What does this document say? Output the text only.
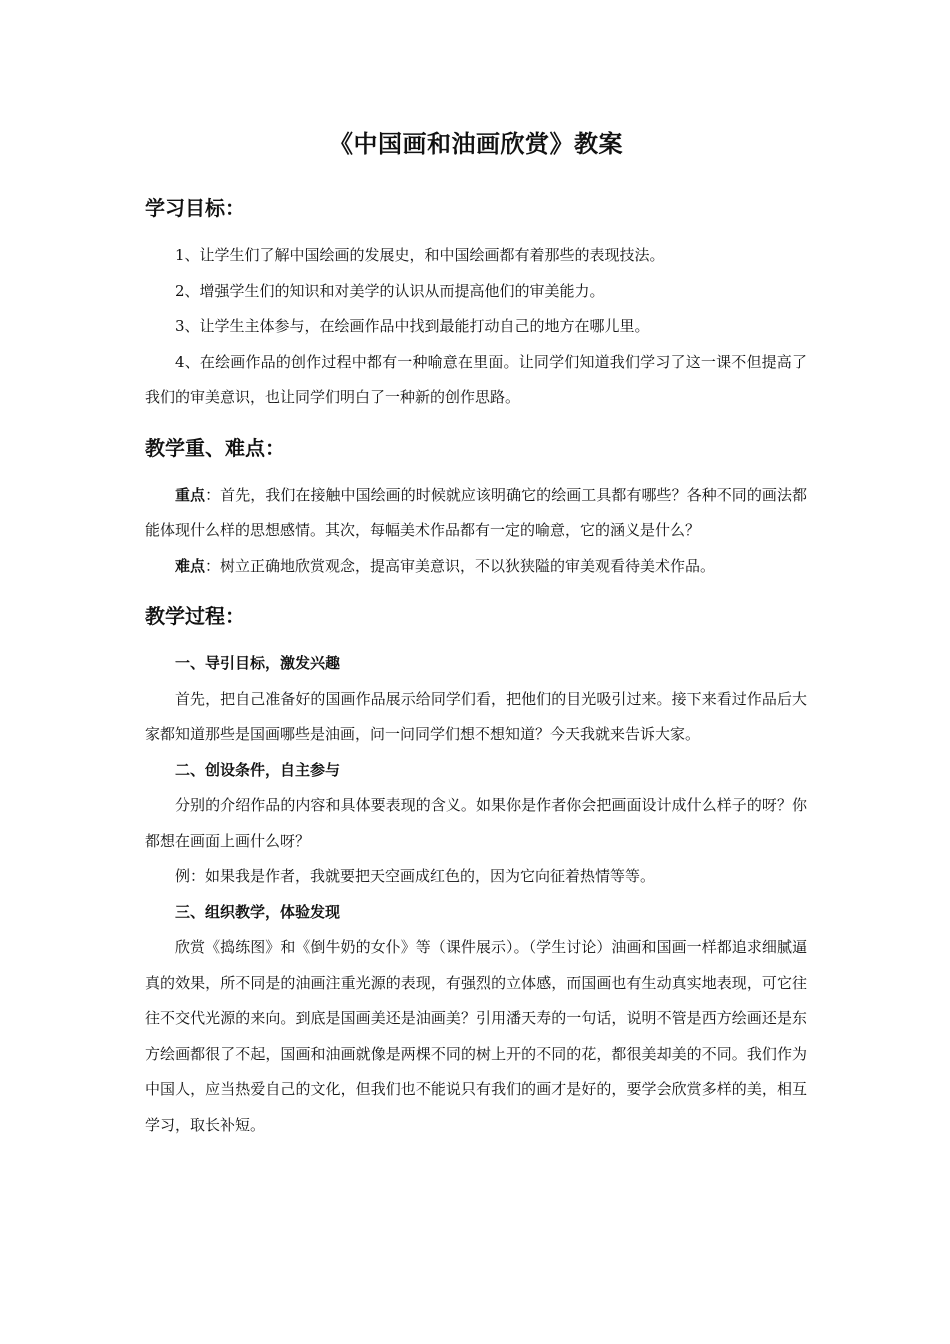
《中国画和油画欣赏》教案
学习目标：

1、让学生们了解中国绘画的发展史，和中国绘画都有着那些的表现技法。

2、增强学生们的知识和对美学的认识从而提高他们的审美能力。

3、让学生主体参与，在绘画作品中找到最能打动自己的地方在哪儿里。

4、在绘画作品的创作过程中都有一种喻意在里面。让同学们知道我们学习了这一课不但提高了我们的审美意识，也让同学们明白了一种新的创作思路。

教学重、难点：

重点：首先，我们在接触中国绘画的时候就应该明确它的绘画工具都有哪些？各种不同的画法都能体现什么样的思想感情。其次，每幅美术作品都有一定的喻意，它的涵义是什么？

难点：树立正确地欣赏观念，提高审美意识，不以狄狭隘的审美观看待美术作品。

教学过程：
一、导引目标，激发兴趣

首先，把自己准备好的国画作品展示给同学们看，把他们的目光吸引过来。接下来看过作品后大家都知道那些是国画哪些是油画，问一问同学们想不想知道？今天我就来告诉大家。

二、创设条件，自主参与

分别的介绍作品的内容和具体要表现的含义。如果你是作者你会把画面设计成什么样子的呀？你都想在画面上画什么呀？

例：如果我是作者，我就要把天空画成红色的，因为它向征着热情等等。

三、组织教学，体验发现

欣赏《捣练图》和《倒牛奶的女仆》等（课件展示）。（学生讨论）油画和国画一样都追求细腻逼真的效果，所不同是的油画注重光源的表现，有强烈的立体感，而国画也有生动真实地表现，可它往往不交代光源的来向。到底是国画美还是油画美？引用潘天寿的一句话，说明不管是西方绘画还是东方绘画都很了不起，国画和油画就像是两棵不同的树上开的不同的花，都很美却美的不同。我们作为中国人，应当热爱自己的文化，但我们也不能说只有我们的画才是好的，要学会欣赏多样的美，相互学习，取长补短。
